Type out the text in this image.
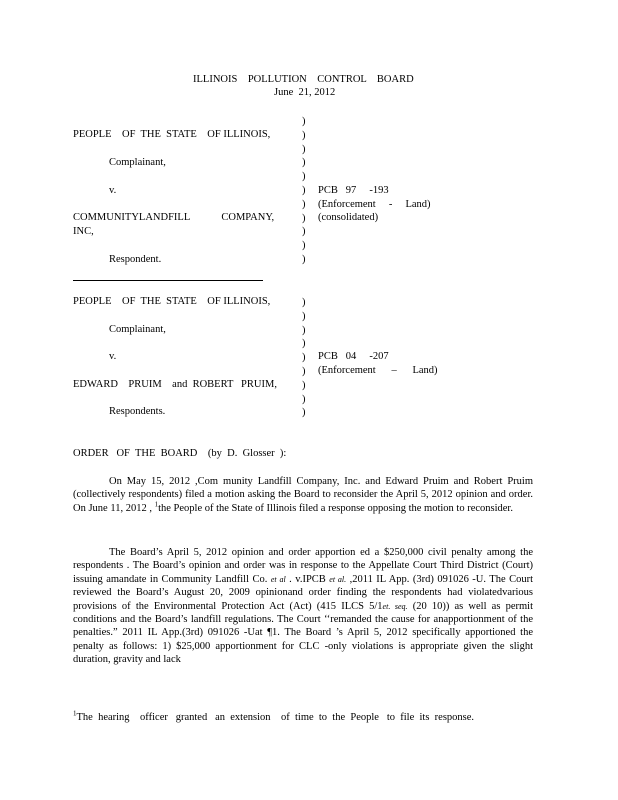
ILLINOIS    POLLUTION    CONTROL    BOARD
June  21, 2012
PEOPLE    OF  THE  STATE    OF ILLINOIS,
Complainant,
v.
COMMUNITYLANDFILL            COMPANY,
INC,
Respondent.
)
)
)
)
)
)
)
)
)
)
)
PCB   97     -193
(Enforcement     -     Land)
(consolidated)
PEOPLE    OF  THE  STATE    OF ILLINOIS,
Complainant,
v.
EDWARD    PRUIM    and  ROBERT   PRUIM,
Respondents.
)
)
)
)
)
)
)
)
)
PCB   04     -207
(Enforcement      –      Land)
ORDER   OF  THE  BOARD    (by  D.  Glosser  ):
On May 15, 2012 ,Com munity Landfill Company, Inc. and Edward Pruim and Robert Pruim (collectively respondents) filed a motion asking the Board to reconsider the April 5, 2012 opinion and order. On June 11, 2012 , $^1$the People of the State of Illinois filed a response opposing the motion to reconsider.
The Board’s April 5, 2012 opinion and order apportion ed a $250,000 civil penalty among the respondents . The Board’s opinion and order was in response to the Appellate Court Third District (Court) issuing amandate in Community Landfill Co. et al . v.IPCB et al. ,2011 IL App. (3rd) 091026 -U. The Court reviewed the Board’s August 20, 2009 opinionand order finding the respondents had violatedvarious provisions of the Environmental Protection Act (Act) (415 ILCS 5/1et. seq. (20 10)) as well as permit conditions and the Board’s landfill regulations. The Court ‘‘remanded the cause for anapportionment of the penalties.” 2011 IL App.(3rd) 091026 -Uat ¶1. The Board ’s April 5, 2012 specifically apportioned the penalty as follows: 1) $25,000 apportionment for CLC -only violations is appropriate given the slight duration, gravity and lack
$^1$The  hearing    officer   granted   an  extension    of  time  to  the  People   to  file  its  response.
